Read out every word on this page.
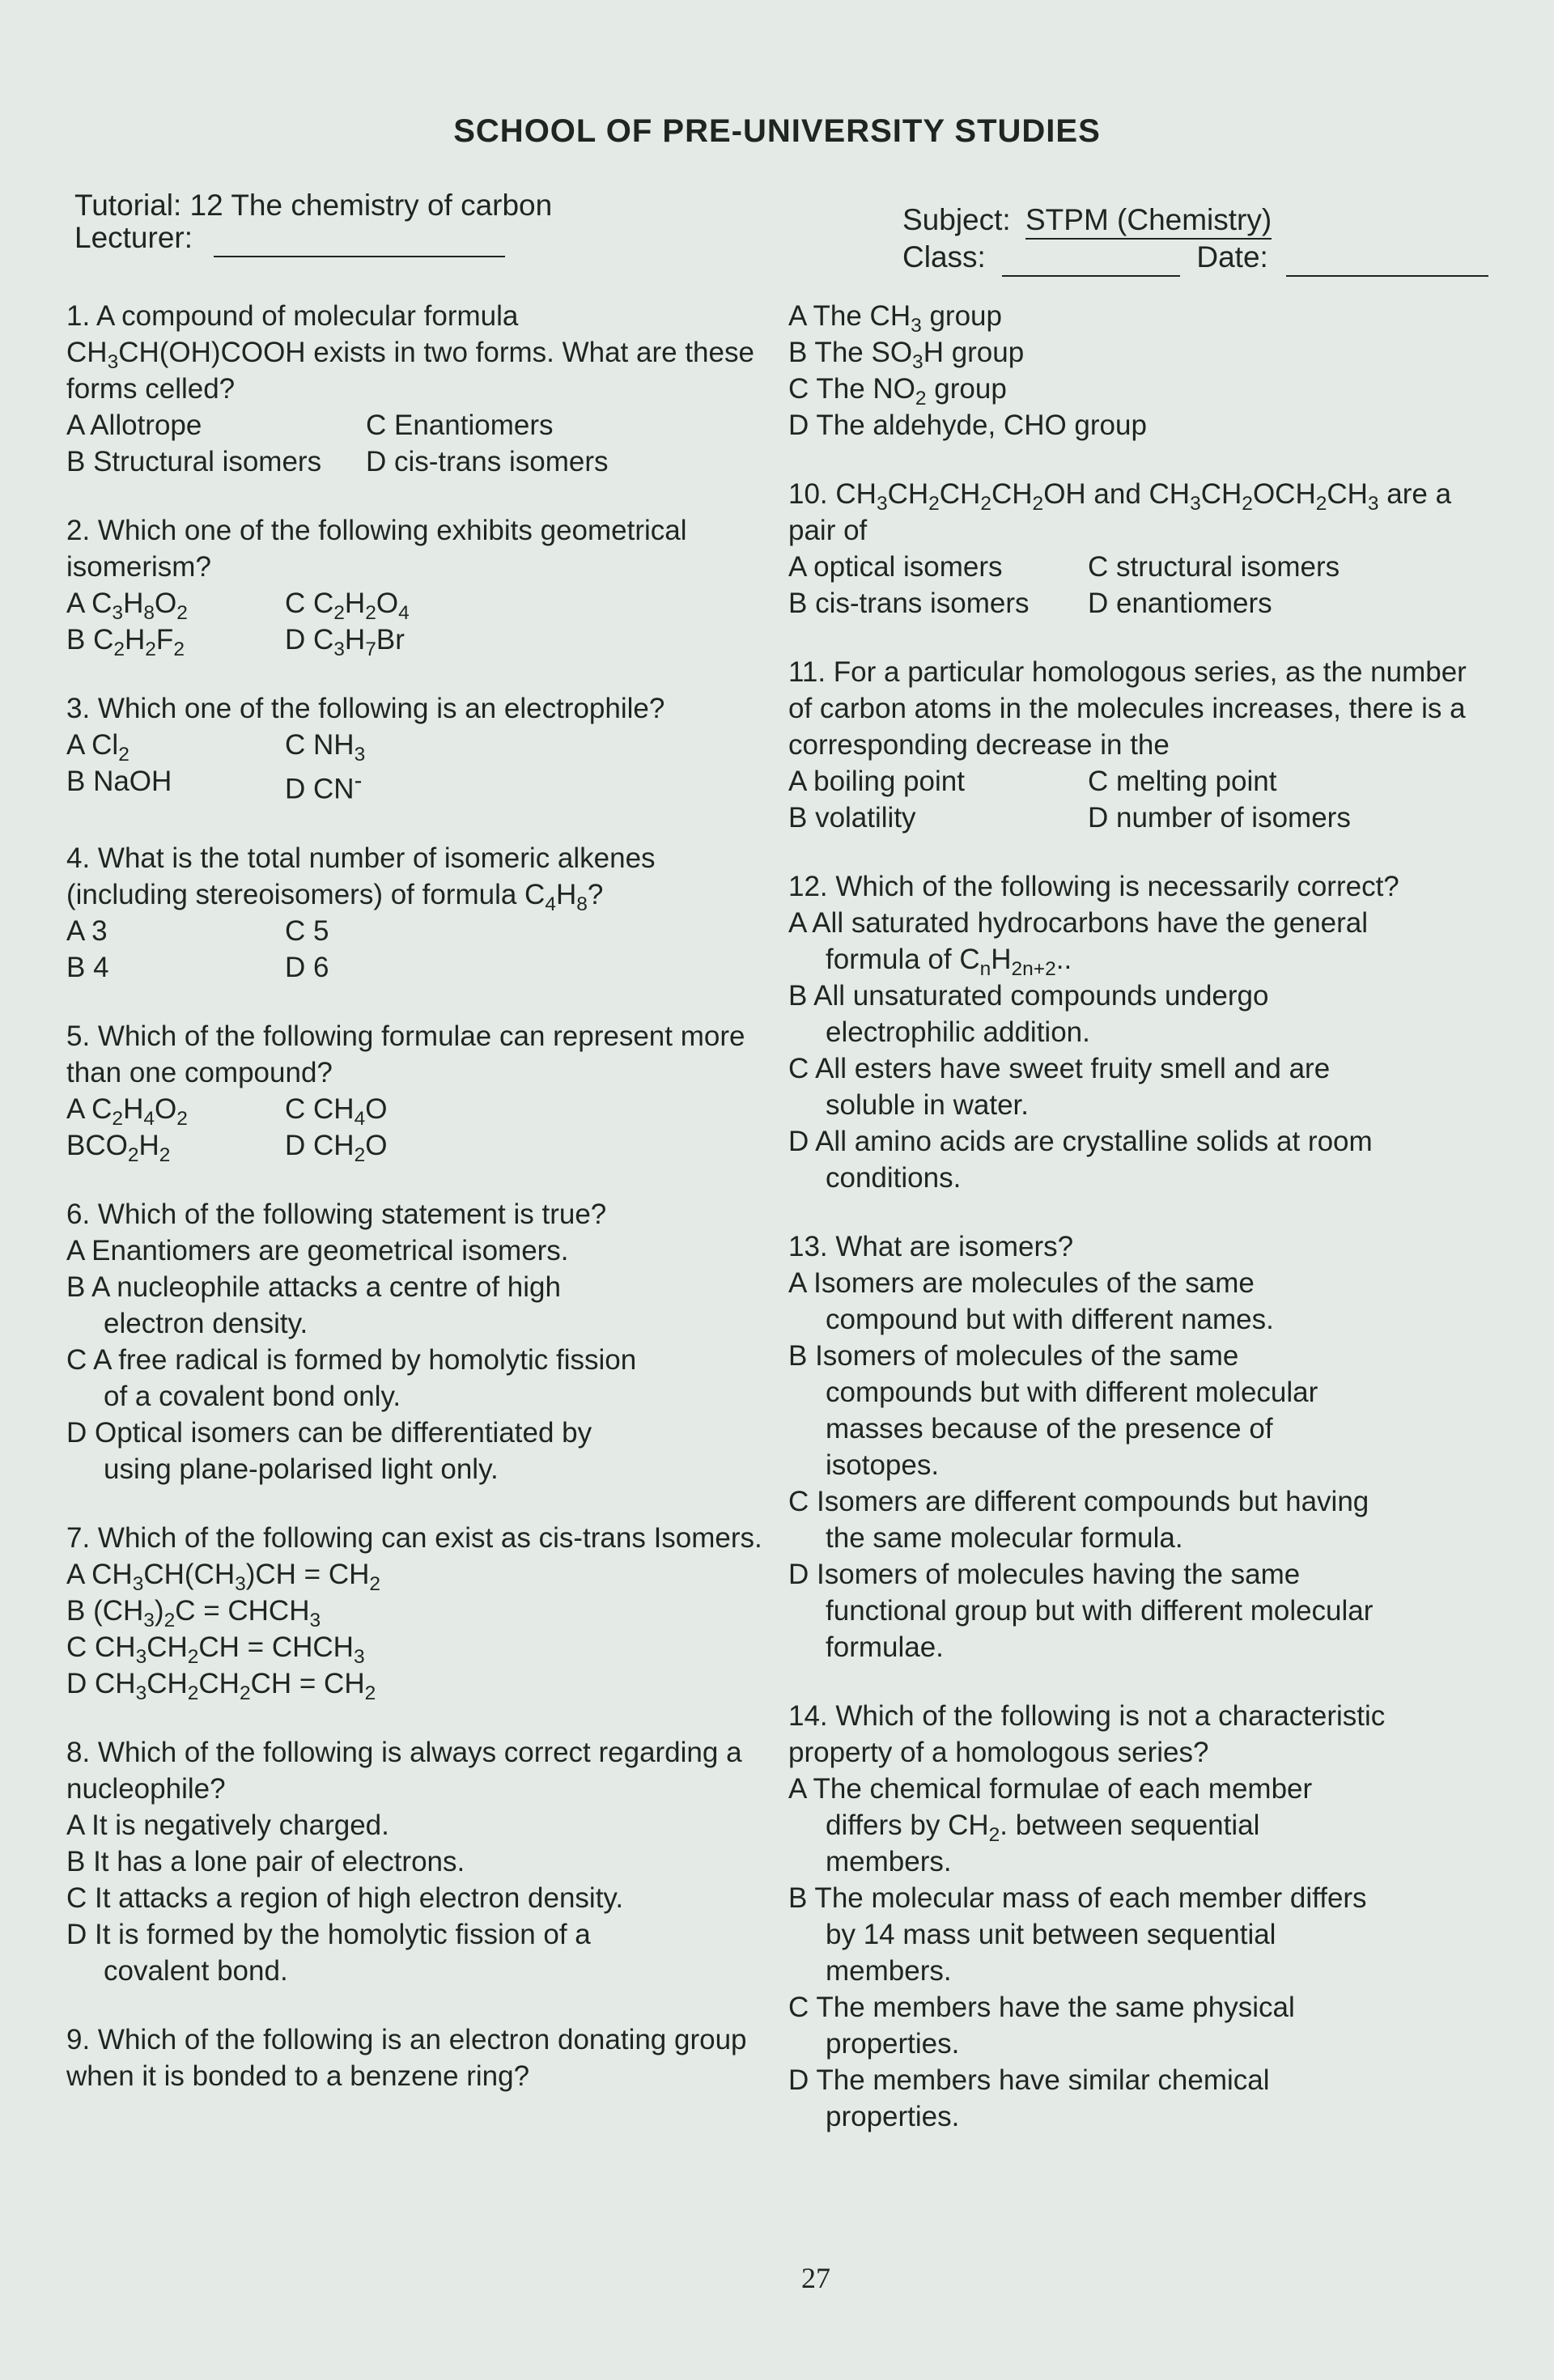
SCHOOL OF PRE-UNIVERSITY STUDIES
Tutorial: 12 The chemistry of carbon
Lecturer:
Subject: STPM (Chemistry)
Class:	Date:

1. A compound of molecular formula $CH_3CH(OH)COOH$ exists in two forms. What are these forms celled?

A Allotrope	C Enantiomers
B Structural isomers	D cis-trans isomers

2. Which one of the following exhibits geometrical isomerism?

A $C_3H_8O_2$	C $C_2H_2O_4$
B $C_2H_2F_2$	D $C_3H_7Br$

3. Which one of the following is an electrophile?

A $Cl_2$	C $NH_3$
B NaOH	D CN-

4. What is the total number of isomeric alkenes (including stereoisomers) of formula $C_4H_8$?

A 3	C 5
B 4	D 6

5. Which of the following formulae can represent more than one compound?

A $C_2H_4O_2$	C $CH_4O$
$BCO_2H_2$	D $CH_2O$

6. Which of the following statement is true?

A Enantiomers are geometrical isomers.

B A nucleophile attacks a centre of high

electron density.

C A free radical is formed by homolytic fission

of a covalent bond only.

D Optical isomers can be differentiated by

using plane-polarised light only.

7. Which of the following can exist as cis-trans Isomers.

A $CH_3CH(CH_3)CH = CH_2$

B $(CH_3)_2C$ = $CHCH_3$

C $CH_3CH_2CH$ = $CHCH_3$

D $CH_3CH_2CH_2CH = CH_2$

8. Which of the following is always correct regarding a nucleophile?

A It is negatively charged.

B It has a lone pair of electrons.

C It attacks a region of high electron density.

D It is formed by the homolytic fission of a

covalent bond.

9. Which of the following is an electron donating group when it is bonded to a benzene ring?

A The $CH_3$ group

B The $SO_3H$ group

C The $NO_2$ group

D The aldehyde, CHO group

10. $CH_3CH_2CH_2CH_2OH$ and $CH_3CH_2OCH_2CH_3$ are a pair of

A optical isomers	C structural isomers
B cis-trans isomers	D enantiomers

11. For a particular homologous series, as the number of carbon atoms in the molecules increases, there is a corresponding decrease in the

A boiling point	C melting point
B volatility	D number of isomers

12. Which of the following is necessarily correct?

A All saturated hydrocarbons have the general

formula of $C_nH_{2n+2}$..

B All unsaturated compounds undergo

electrophilic addition.

C All esters have sweet fruity smell and are

soluble in water.

D All amino acids are crystalline solids at room

conditions.

13. What are isomers?

A Isomers are molecules of the same

compound but with different names.

B Isomers of molecules of the same

compounds but with different molecular

masses because of the presence of

isotopes.

C Isomers are different compounds but having

the same molecular formula.

D Isomers of molecules having the same

functional group but with different molecular

formulae.

14. Which of the following is not a characteristic property of a homologous series?

A The chemical formulae of each member

differs by $CH_2$. between sequential

members.

B The molecular mass of each member differs

by 14 mass unit between sequential

members.

C The members have the same physical

properties.

D The members have similar chemical

properties.

27
